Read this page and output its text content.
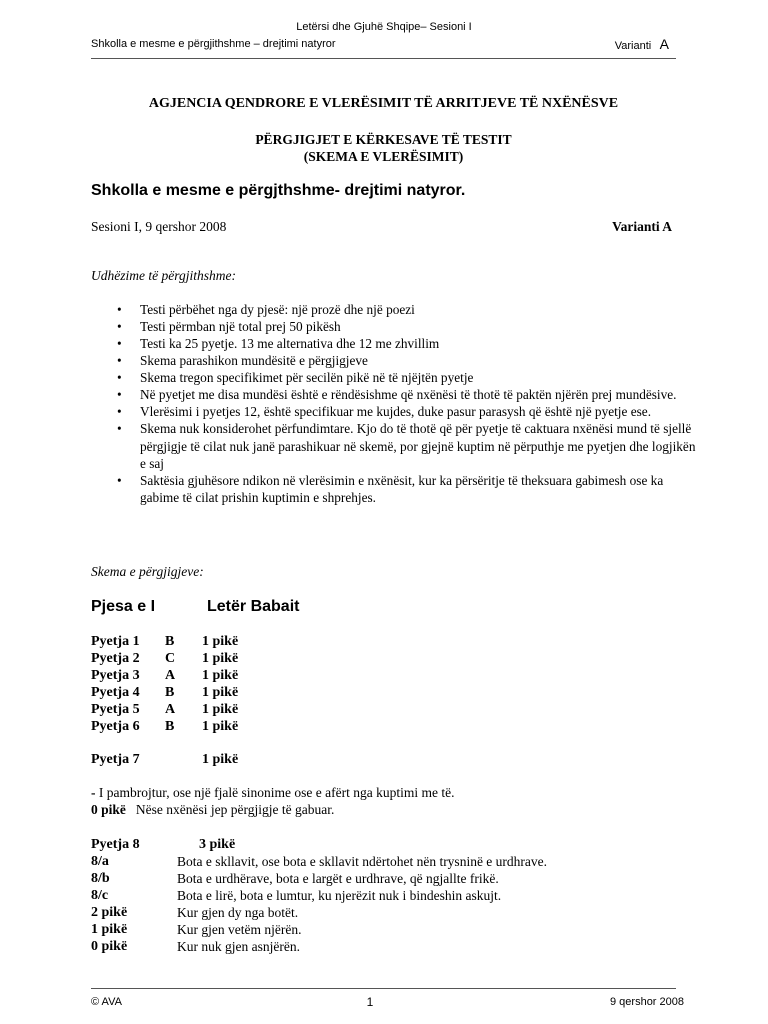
Letërsi dhe Gjuhë Shqipe– Sesioni I
Shkolla e mesme e përgjithshme – drejtimi natyror	Varianti A
AGJENCIA QENDRORE E VLERËSIMIT TË ARRITJEVE TË NXËNËSVE
PËRGJIGJET E KËRKESAVE TË TESTIT
(SKEMA E VLERËSIMIT)
Shkolla e mesme e përgjthshme- drejtimi natyror.
Sesioni I, 9 qershor 2008	Varianti A
Udhëzime të përgjithshme:
•	Testi përbëhet nga dy pjesë: një prozë dhe një poezi
•	Testi përmban një total prej 50 pikësh
•	Testi ka 25 pyetje. 13 me alternativa dhe 12 me zhvillim
•	Skema parashikon mundësitë e përgjigjeve
•	Skema tregon specifikimet për secilën pikë në të njëjtën pyetje
•	Në pyetjet me disa mundësi është e rëndësishme që nxënësi të thotë të paktën njërën prej mundësive.
•	Vlerësimi i pyetjes 12, është specifikuar me kujdes, duke pasur parasysh që është një pyetje ese.
•	Skema nuk konsiderohet përfundimtare. Kjo do të thotë që për pyetje të caktuara nxënësi mund të sjellë përgjigje të cilat nuk janë parashikuar në skemë, por gjejnë kuptim në përputhje me pyetjen dhe logjikën e saj
•	Saktësia gjuhësore ndikon në vlerësimin e nxënësit, kur ka përsëritje të theksuara gabimesh ose ka gabime të cilat prishin kuptimin e shprehjes.
Skema e përgjigjeve:
Pjesa e I	Letër Babait
Pyetja 1 B 1 pikë
Pyetja 2 C 1 pikë
Pyetja 3 A 1 pikë
Pyetja 4 B 1 pikë
Pyetja 5 A 1 pikë
Pyetja 6 B 1 pikë
Pyetja 7	1 pikë
- I pambrojtur, ose një fjalë sinonime ose e afërt nga kuptimi me të.
0 pikë Nëse nxënësi jep përgjigje të gabuar.
Pyetja 8	3 pikë
8/a	Bota e skllavit, ose bota e skllavit ndërtohet nën trysninë e urdhrave.
8/b	Bota e urdhërave, bota e largët e urdhrave, që ngjallte frikë.
8/c	Bota e lirë, bota e lumtur, ku njerëzit nuk i bindeshin askujt.
2 pikë	Kur gjen dy nga botët.
1 pikë	Kur gjen vetëm njërën.
0 pikë	Kur nuk gjen asnjërën.
© AVA	1	9 qershor 2008
